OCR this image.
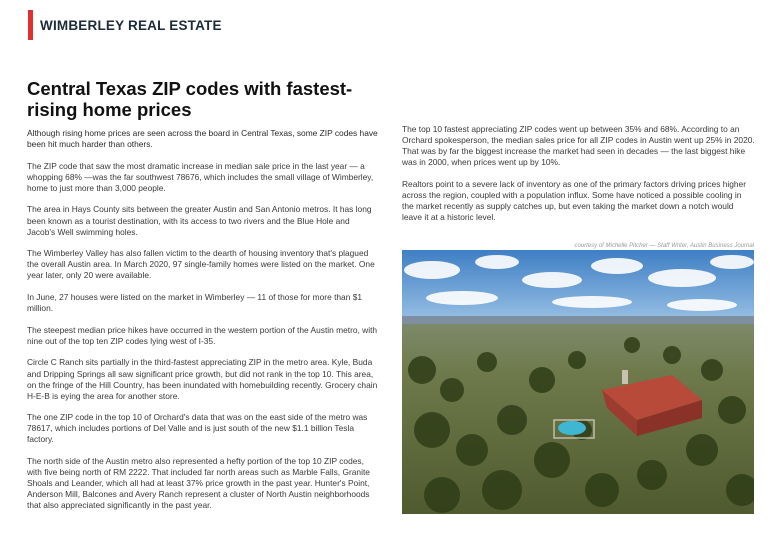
WIMBERLEY REAL ESTATE
Central Texas ZIP codes with fastest-rising home prices

Although rising home prices are seen across the board in Central Texas, some ZIP codes have been hit much harder than others.

The ZIP code that saw the most dramatic increase in median sale price in the last year — a whopping 68% —was the far southwest 78676, which includes the small village of Wimberley, home to just more than 3,000 people.

The area in Hays County sits between the greater Austin and San Antonio metros. It has long been known as a tourist destination, with its access to two rivers and the Blue Hole and Jacob's Well swimming holes.

The Wimberley Valley has also fallen victim to the dearth of housing inventory that's plagued the overall Austin area. In March 2020, 97 single-family homes were listed on the market. One year later, only 20 were available.

In June, 27 houses were listed on the market in Wimberley — 11 of those for more than $1 million.

The steepest median price hikes have occurred in the western portion of the Austin metro, with nine out of the top ten ZIP codes lying west of I-35.

Circle C Ranch sits partially in the third-fastest appreciating ZIP in the metro area. Kyle, Buda and Dripping Springs all saw significant price growth, but did not rank in the top 10. This area, on the fringe of the Hill Country, has been inundated with homebuilding recently. Grocery chain H-E-B is eying the area for another store.

The one ZIP code in the top 10 of Orchard's data that was on the east side of the metro was 78617, which includes portions of Del Valle and is just south of the new $1.1 billion Tesla factory.

The north side of the Austin metro also represented a hefty portion of the top 10 ZIP codes, with five being north of RM 2222. That included far north areas such as Marble Falls, Granite Shoals and Leander, which all had at least 37% price growth in the past year. Hunter's Point, Anderson Mill, Balcones and Avery Ranch represent a cluster of North Austin neighborhoods that also appreciated significantly in the past year.

The top 10 fastest appreciating ZIP codes went up between 35% and 68%. According to an Orchard spokesperson, the median sales price for all ZIP codes in Austin went up 25% in 2020. That was by far the biggest increase the market had seen in decades — the last biggest hike was in 2000, when prices went up by 10%.

Realtors point to a severe lack of inventory as one of the primary factors driving prices higher across the region, coupled with a population influx. Some have noticed a possible cooling in the market recently as supply catches up, but even taking the market down a notch would leave it at a historic level.

courtesy of Michelle Pitcher — Staff Writer, Austin Business Journal
